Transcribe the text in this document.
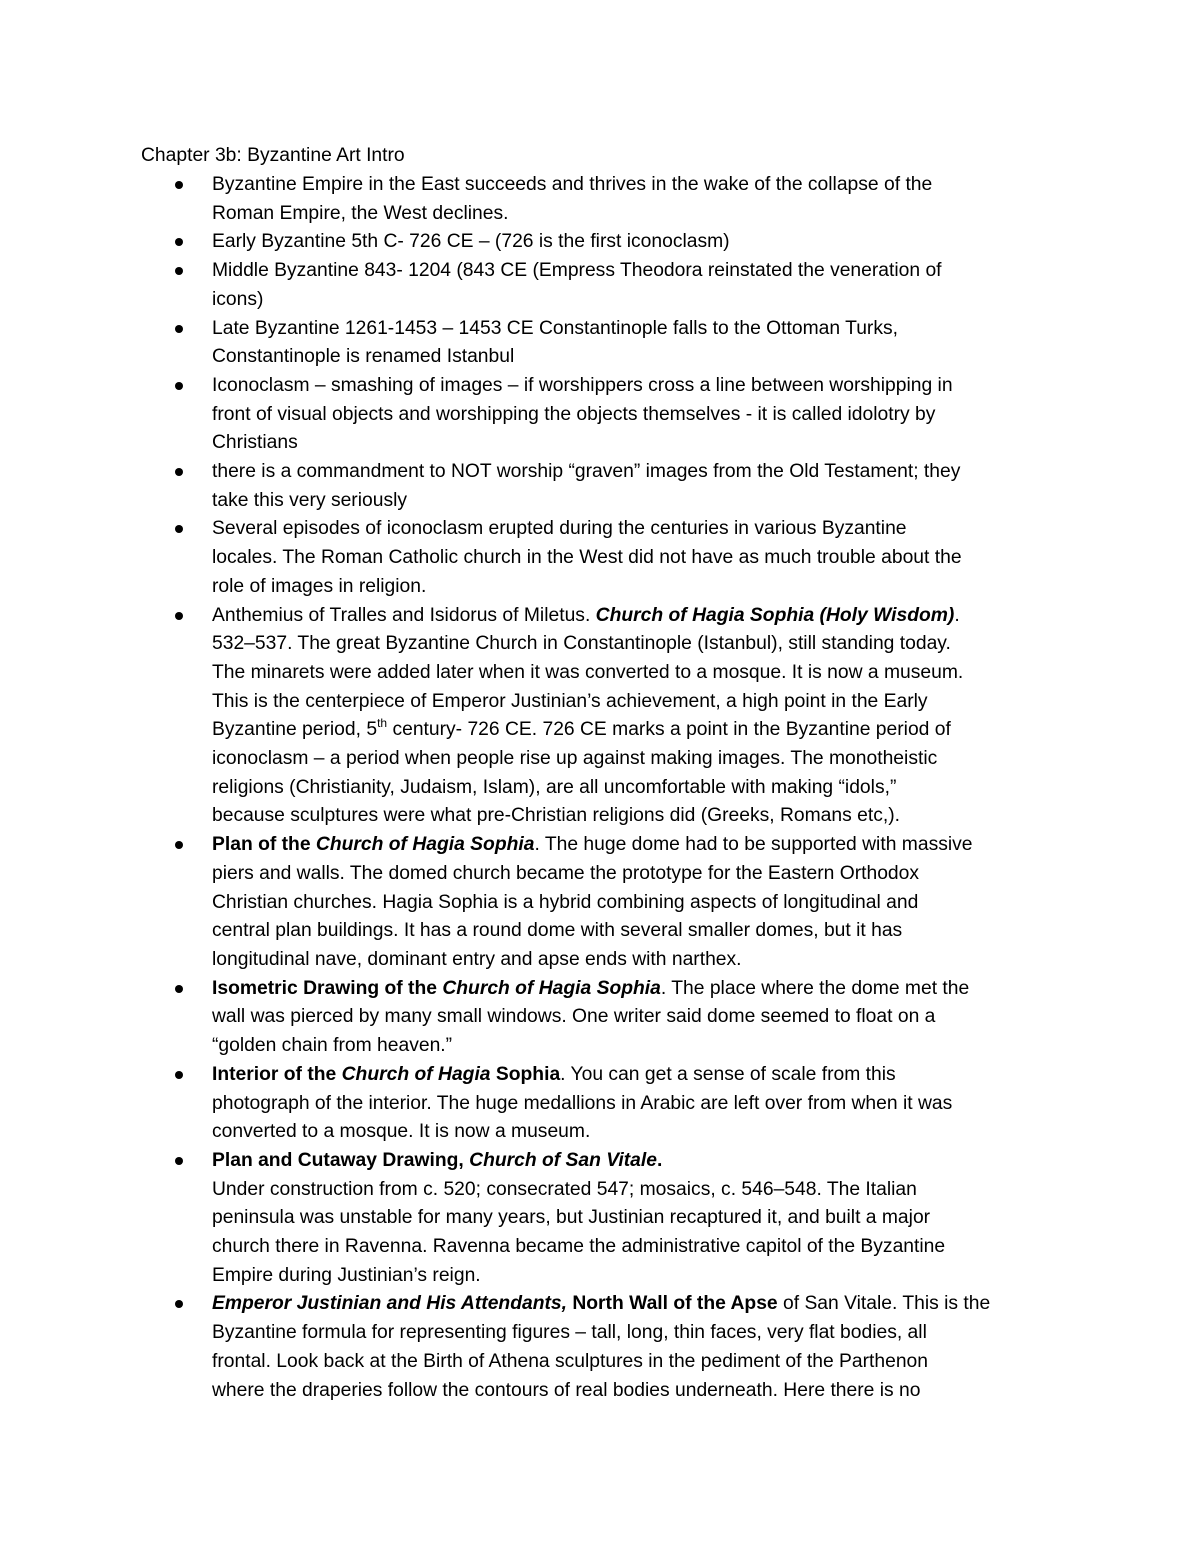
Chapter 3b: Byzantine Art Intro
Byzantine Empire in the East succeeds and thrives in the wake of the collapse of the
Roman Empire, the West declines.
Early Byzantine 5th C- 726 CE – (726 is the first iconoclasm)
Middle Byzantine 843- 1204 (843 CE (Empress Theodora reinstated the veneration of
icons)
Late Byzantine 1261-1453 – 1453 CE Constantinople falls to the Ottoman Turks,
Constantinople is renamed Istanbul
Iconoclasm – smashing of images – if worshippers cross a line between worshipping in
front of visual objects and worshipping the objects themselves - it is called idolotry by
Christians
there is a commandment to NOT worship “graven” images from the Old Testament; they
take this very seriously
Several episodes of iconoclasm erupted during the centuries in various Byzantine
locales. The Roman Catholic church in the West did not have as much trouble about the
role of images in religion.
Anthemius of Tralles and Isidorus of Miletus. Church of Hagia Sophia (Holy Wisdom).
532–537. The great Byzantine Church in Constantinople (Istanbul), still standing today.
The minarets were added later when it was converted to a mosque. It is now a museum.
This is the centerpiece of Emperor Justinian’s achievement, a high point in the Early
Byzantine period, 5th century- 726 CE. 726 CE marks a point in the Byzantine period of
iconoclasm – a period when people rise up against making images. The monotheistic
religions (Christianity, Judaism, Islam), are all uncomfortable with making “idols,”
because sculptures were what pre-Christian religions did (Greeks, Romans etc,).
Plan of the Church of Hagia Sophia. The huge dome had to be supported with massive
piers and walls. The domed church became the prototype for the Eastern Orthodox
Christian churches. Hagia Sophia is a hybrid combining aspects of longitudinal and
central plan buildings. It has a round dome with several smaller domes, but it has
longitudinal nave, dominant entry and apse ends with narthex.
Isometric Drawing of the Church of Hagia Sophia. The place where the dome met the
wall was pierced by many small windows. One writer said dome seemed to float on a
“golden chain from heaven.”
Interior of the Church of Hagia Sophia. You can get a sense of scale from this
photograph of the interior. The huge medallions in Arabic are left over from when it was
converted to a mosque. It is now a museum.
Plan and Cutaway Drawing, Church of San Vitale.
Under construction from c. 520; consecrated 547; mosaics, c. 546–548. The Italian
peninsula was unstable for many years, but Justinian recaptured it, and built a major
church there in Ravenna. Ravenna became the administrative capitol of the Byzantine
Empire during Justinian’s reign.
Emperor Justinian and His Attendants, North Wall of the Apse of San Vitale. This is the
Byzantine formula for representing figures – tall, long, thin faces, very flat bodies, all
frontal. Look back at the Birth of Athena sculptures in the pediment of the Parthenon
where the draperies follow the contours of real bodies underneath. Here there is no
